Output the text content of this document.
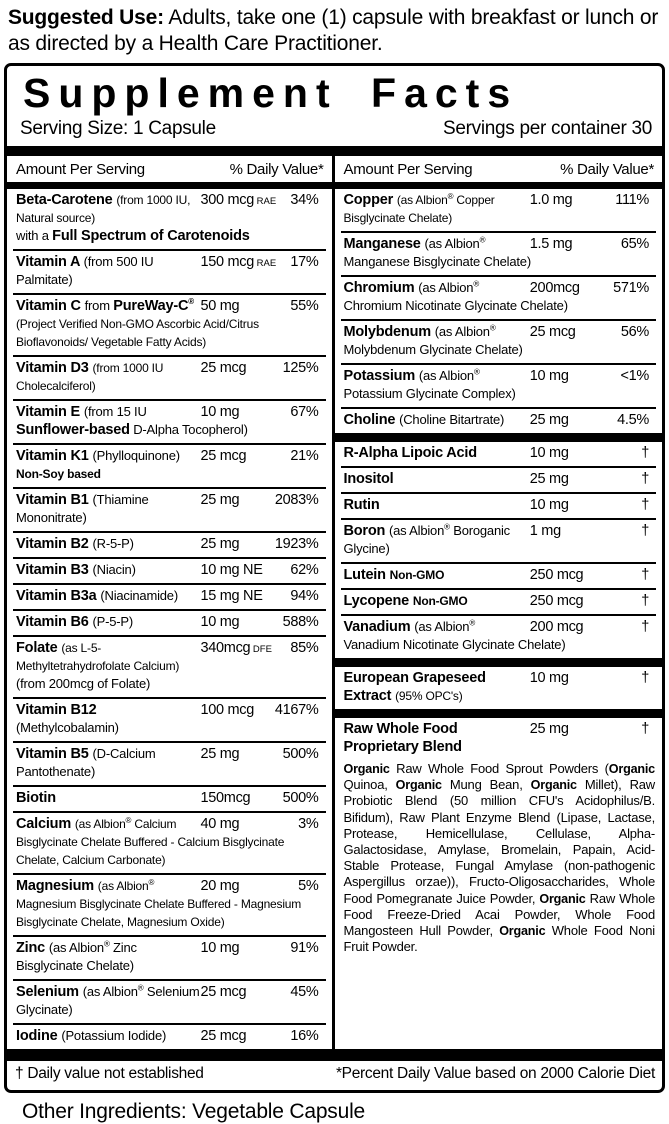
Suggested Use: Adults, take one (1) capsule with breakfast or lunch or as directed by a Health Care Practitioner.
Supplement Facts
Serving Size: 1 Capsule	Servings per container 30
Amount Per Serving	% Daily Value*
Beta-Carotene (from 1000 IU, Natural source)
with a Full Spectrum of Carotenoids
300 mcg RAE 34%
Vitamin A (from 500 IU Palmitate)
150 mcg RAE 17%
Vitamin C from PureWay-C®
(Project Verified Non-GMO Ascorbic Acid/Citrus Bioflavonoids/ Vegetable Fatty Acids)
50 mg	55%
Vitamin D3 (from 1000 IU Cholecalciferol)
25 mcg	125%
Vitamin E (from 15 IU Sunflower-based D-Alpha Tocopherol)
10 mg	67%
Vitamin K1 (Phylloquinone) Non-Soy based
25 mcg	21%
Vitamin B1 (Thiamine Mononitrate)
25 mg 2083%
Vitamin B2 (R-5-P)	25 mg 1923%
Vitamin B3 (Niacin)	10 mg NE 62%
Vitamin B3a (Niacinamide) 15 mg NE 94%
Vitamin B6 (P-5-P)	10 mg	588%
Folate (as L-5-Methyltetrahydrofolate Calcium)
(from 200mcg of Folate)
340mcg DFE 85%
Vitamin B12 (Methylcobalamin)
100 mcg 4167%
Vitamin B5 (D-Calcium Pantothenate)
25 mg	500%
Biotin	150mcg 500%
Calcium (as Albion® Calcium Bisglycinate Chelate Buffered - Calcium Bisglycinate Chelate, Calcium Carbonate)
40 mg	3%
Magnesium (as Albion® Magnesium Bisglycinate Chelate Buffered - Magnesium Bisglycinate Chelate, Magnesium Oxide)
20 mg	5%
Zinc (as Albion® Zinc Bisglycinate Chelate)
10 mg	91%
Selenium (as Albion® Selenium Glycinate)
25 mcg	45%
Iodine (Potassium Iodide) 25 mcg	16%
Amount Per Serving	% Daily Value*
Copper (as Albion® Copper Bisglycinate Chelate)
1.0 mg	111%
Manganese (as Albion® Manganese Bisglycinate Chelate)
1.5 mg	65%
Chromium (as Albion® Chromium Nicotinate Glycinate Chelate)
200mcg 571%
Molybdenum (as Albion® Molybdenum Glycinate Chelate)
25 mcg	56%
Potassium (as Albion® Potassium Glycinate Complex)
10 mg	<1%
Choline (Choline Bitartrate) 25 mg	4.5%
R-Alpha Lipoic Acid	10 mg	†
Inositol	25 mg	†
Rutin	10 mg	†
Boron (as Albion® Boroganic Glycine)
1 mg	†
Lutein Non-GMO	250 mcg	†
Lycopene Non-GMO	250 mcg	†
Vanadium (as Albion® Vanadium Nicotinate Glycinate Chelate)
200 mcg	†
European Grapeseed Extract (95% OPC's)
10 mg	†
Raw Whole Food Proprietary Blend
25 mg	†
Organic Raw Whole Food Sprout Powders (Organic Quinoa, Organic Mung Bean, Organic Millet), Raw Probiotic Blend (50 million CFU's Acidophilus/B. Bifidum), Raw Plant Enzyme Blend (Lipase, Lactase, Protease, Hemicellulase, Cellulase, Alpha-Galactosidase, Amylase, Bromelain, Papain, Acid-Stable Protease, Fungal Amylase (non-pathogenic Aspergillus orzae)), Fructo-Oligosaccharides, Whole Food Pomegranate Juice Powder, Organic Raw Whole Food Freeze-Dried Acai Powder, Whole Food Mangosteen Hull Powder, Organic Whole Food Noni Fruit Powder.
† Daily value not established	*Percent Daily Value based on 2000 Calorie Diet
Other Ingredients: Vegetable Capsule
